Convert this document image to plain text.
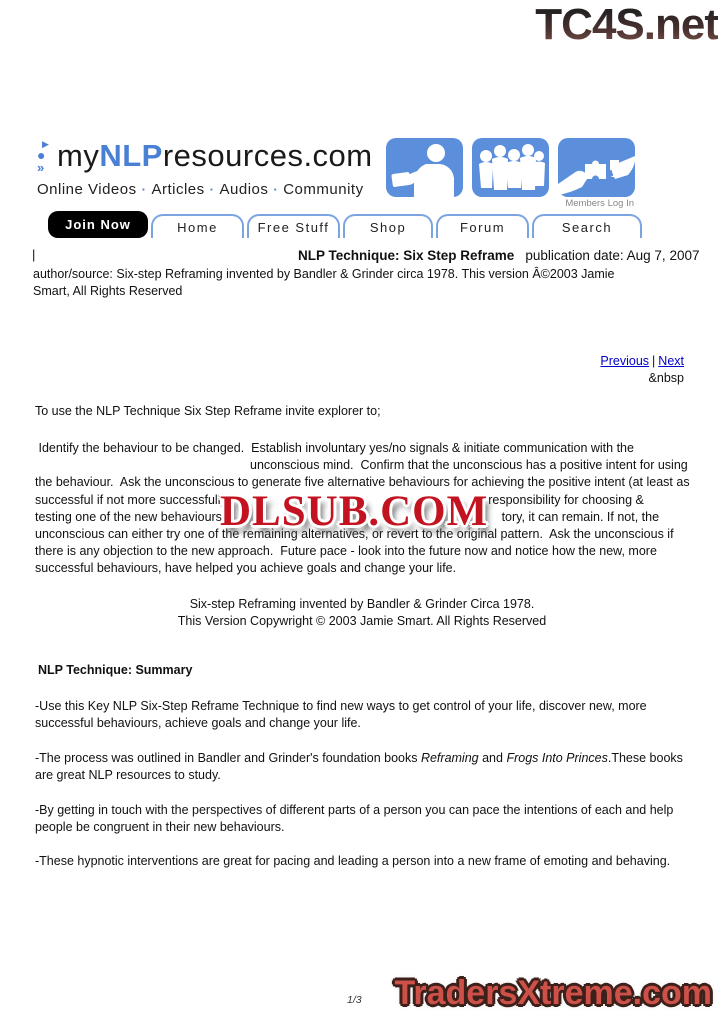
TC4S.net
▶
●
» myNLPresources.com
Online Videos · Articles · Audios · Community
Members Log In
Join Now	Home	Free Stuff	Shop	Forum	Search

NLP Technique: Six Step Reframe publication date: Aug 7, 2007

|
author/source: Six-step Reframing invented by Bandler & Grinder circa 1978. This version Â©2003 Jamie
Smart, All Rights Reserved
Previous | Next
&nbsp
To use the NLP Technique Six Step Reframe invite explorer to;
Identify the behaviour to be changed.  Establish involuntary yes/no signals & initiate communication with the
unconscious mind.  Confirm that the unconscious has a positive intent for using
the behaviour.  Ask the unconscious to generate five alternative behaviours for achieving the positive intent (at least as
successful if not more successfully	responsibility for choosing &
testing one of the new behaviours (	tory, it can remain. If not, the
unconscious can either try one of the remaining alternatives, or revert to the original pattern.  Ask the unconscious if
there is any objection to the new approach.  Future pace - look into the future now and notice how the new, more
successful behaviours, have helped you achieve goals and change your life.
DLSUB.COM
Six-step Reframing invented by Bandler & Grinder Circa 1978.
This Version Copywright © 2003 Jamie Smart. All Rights Reserved
NLP Technique: Summary
-Use this Key NLP Six-Step Reframe Technique to find new ways to get control of your life, discover new, more
successful behaviours, achieve goals and change your life.
-The process was outlined in Bandler and Grinder's foundation books Reframing and Frogs Into Princes.These books
are great NLP resources to study.
-By getting in touch with the perspectives of different parts of a person you can pace the intentions of each and help
people be congruent in their new behaviours.
-These hypnotic interventions are great for pacing and leading a person into a new frame of emoting and behaving.
1/3 TradersXtreme.com
